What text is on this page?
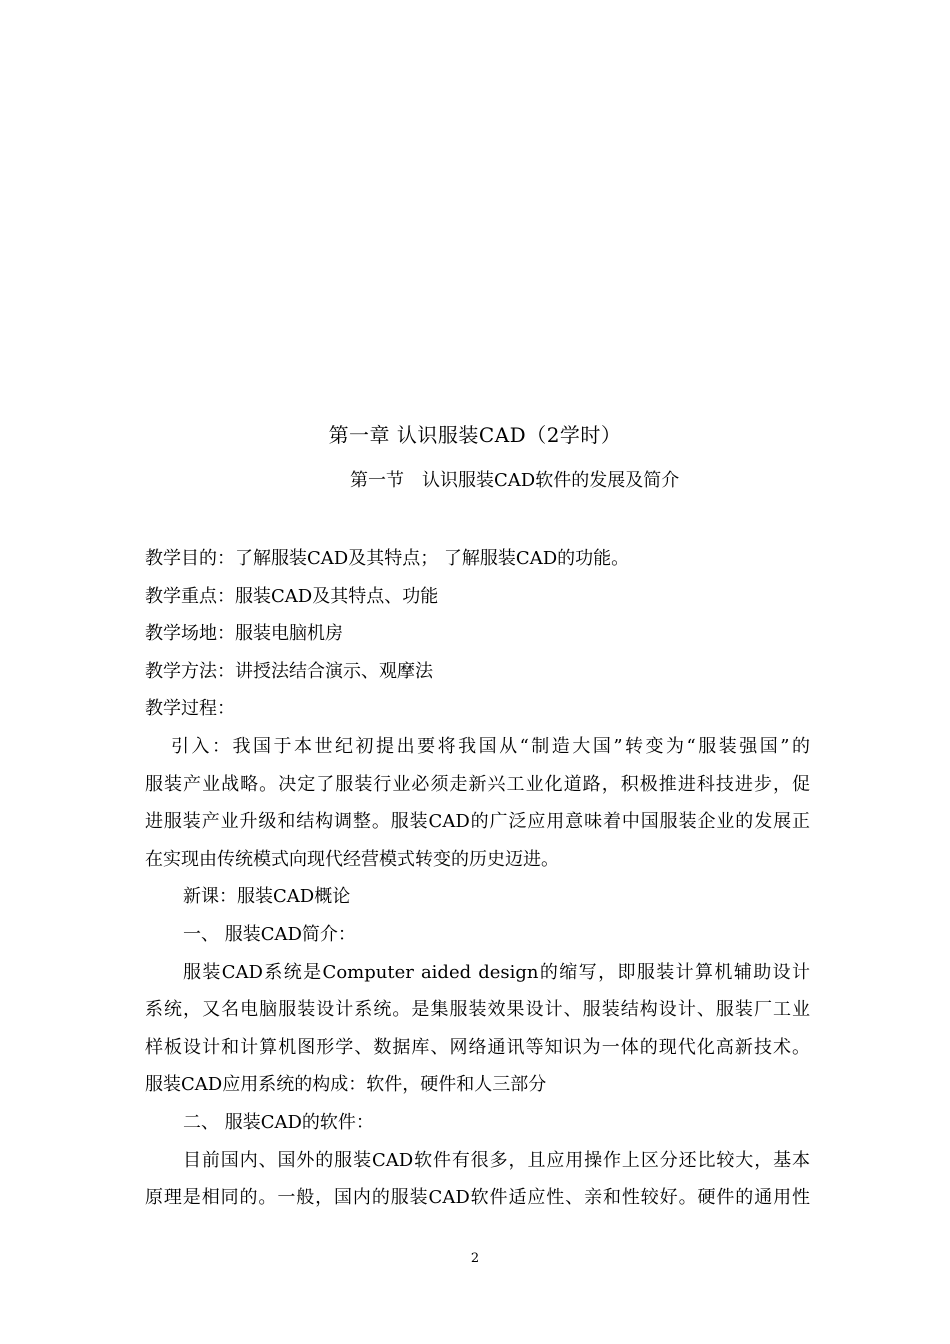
第一章 认识服装CAD（2学时）
第一节 认识服装CAD软件的发展及简介
教学目的：了解服装CAD及其特点； 了解服装CAD的功能。
教学重点：服装CAD及其特点、功能
教学场地：服装电脑机房
教学方法：讲授法结合演示、观摩法
教学过程：
引入：我国于本世纪初提出要将我国从“制造大国”转变为“服装强国”的
服装产业战略。决定了服装行业必须走新兴工业化道路，积极推进科技进步，促
进服装产业升级和结构调整。服装CAD的广泛应用意味着中国服装企业的发展正
在实现由传统模式向现代经营模式转变的历史迈进。
新课：服装CAD概论
一、 服装CAD简介：
服装CAD系统是Computer aided design的缩写，即服装计算机辅助设计
系统，又名电脑服装设计系统。是集服装效果设计、服装结构设计、服装厂工业
样板设计和计算机图形学、数据库、网络通讯等知识为一体的现代化高新技术。
服装CAD应用系统的构成：软件，硬件和人三部分
二、 服装CAD的软件：
目前国内、国外的服装CAD软件有很多，且应用操作上区分还比较大，基本
原理是相同的。一般，国内的服装CAD软件适应性、亲和性较好。硬件的通用性
2
